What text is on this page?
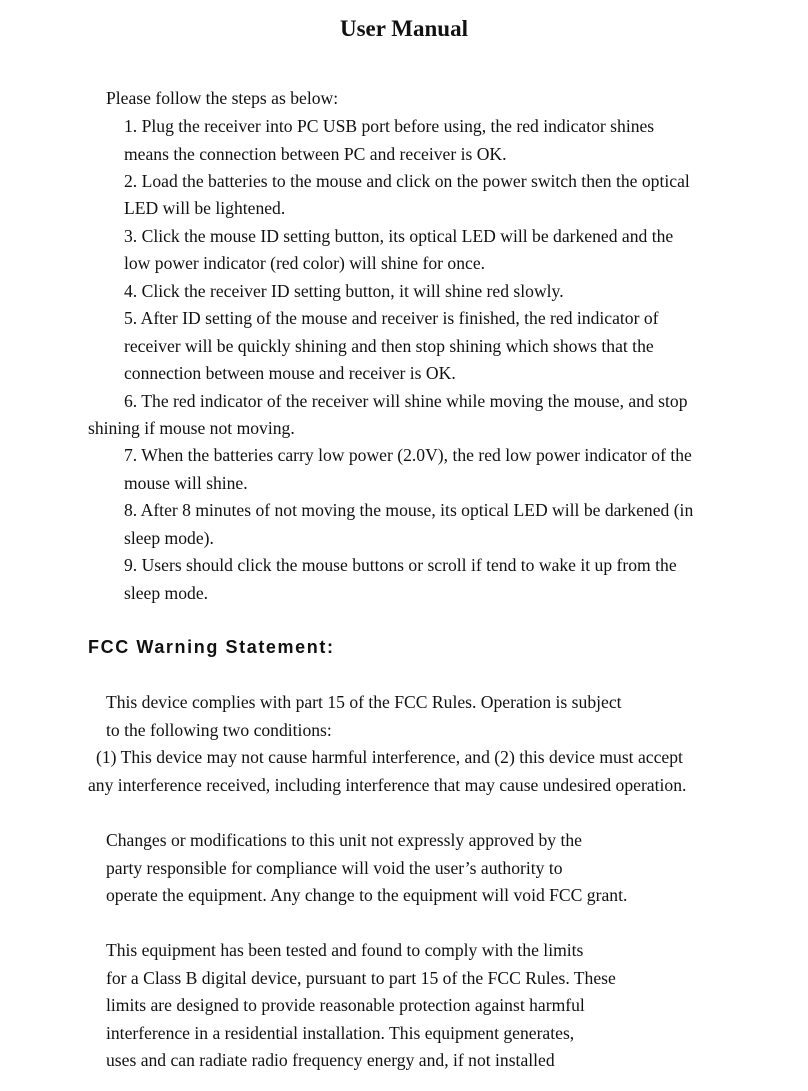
User Manual
Please follow the steps as below:
1. Plug the receiver into PC USB port before using, the red indicator shines
means the connection between PC and receiver is OK.
2. Load the batteries to the mouse and click on the power switch then the optical
LED will be lightened.
3. Click the mouse ID setting button, its optical LED will be darkened and the
low power indicator (red color) will shine for once.
4. Click the receiver ID setting button, it will shine red slowly.
5. After ID setting of the mouse and receiver is finished, the red indicator of
receiver will be quickly shining and then stop shining which shows that the
connection between mouse and receiver is OK.
6. The red indicator of the receiver will shine while moving the mouse, and stop
shining if mouse not moving.
7. When the batteries carry low power (2.0V), the red low power indicator of the
mouse will shine.
8. After 8 minutes of not moving the mouse, its optical LED will be darkened (in
sleep mode).
9. Users should click the mouse buttons or scroll if tend to wake it up from the
sleep mode.
FCC Warning Statement:
This device complies with part 15 of the FCC Rules. Operation is subject
to the following two conditions:
(1) This device may not cause harmful interference, and (2) this device must accept
any interference received, including interference that may cause undesired operation.
Changes or modifications to this unit not expressly approved by the
party responsible for compliance will void the user’s authority to
operate the equipment. Any change to the equipment will void FCC grant.
This equipment has been tested and found to comply with the limits
for a Class B digital device, pursuant to part 15 of the FCC Rules. These
limits are designed to provide reasonable protection against harmful
interference in a residential installation. This equipment generates,
uses and can radiate radio frequency energy and, if not installed
